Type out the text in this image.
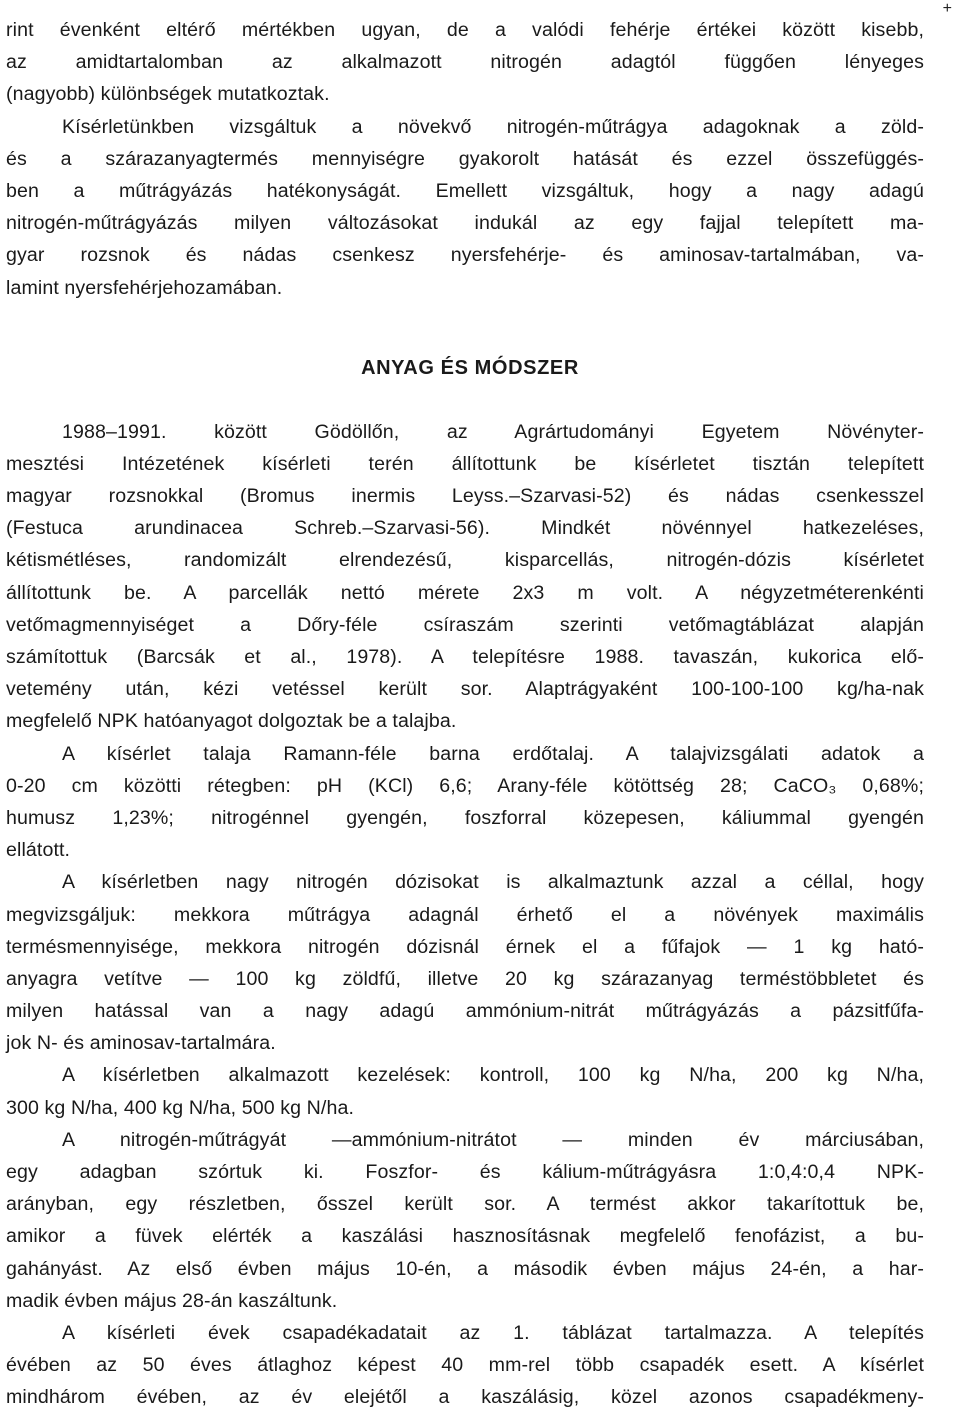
+
rint évenként eltérő mértékben ugyan, de a valódi fehérje értékei között kisebb,
az amidtartalomban az alkalmazott nitrogén adagtól függően lényeges
(nagyobb) különbségek mutatkoztak.
Kísérletünkben vizsgáltuk a növekvő nitrogén-műtrágya adagoknak a zöld-
és a szárazanyagtermés mennyiségre gyakorolt hatását és ezzel összefüggés-
ben a műtrágyázás hatékonyságát. Emellett vizsgáltuk, hogy a nagy adagú
nitrogén-műtrágyázás milyen változásokat indukál az egy fajjal telepített ma-
gyar rozsnok és nádas csenkesz nyersfehérje- és aminosav-tartalmában, va-
lamint nyersfehérjehozamában.
ANYAG ÉS MÓDSZER
1988–1991. között Gödöllőn, az Agrártudományi Egyetem Növényter-
mesztési Intézetének kísérleti terén állítottunk be kísérletet tisztán telepített
magyar rozsnokkal (Bromus inermis Leyss.–Szarvasi-52) és nádas csenkesszel
(Festuca arundinacea Schreb.–Szarvasi-56). Mindkét növénnyel hatkezeléses,
kétismétléses, randomizált elrendezésű, kisparcellás, nitrogén-dózis kísérletet
állítottunk be. A parcellák nettó mérete 2x3 m volt. A négyzetméterenkénti
vetőmagmennyiséget a Dőry-féle csíraszám szerinti vetőmagtáblázat alapján
számítottuk (Barcsák et al., 1978). A telepítésre 1988. tavaszán, kukorica elő-
vetemény után, kézi vetéssel került sor. Alaptrágyaként 100-100-100 kg/ha-nak
megfelelő NPK hatóanyagot dolgoztak be a talajba.
A kísérlet talaja Ramann-féle barna erdőtalaj. A talajvizsgálati adatok a
0-20 cm közötti rétegben: pH (KCl) 6,6; Arany-féle kötöttség 28; CaCO₃ 0,68%;
humusz 1,23%; nitrogénnel gyengén, foszforral közepesen, káliummal gyengén
ellátott.
A kísérletben nagy nitrogén dózisokat is alkalmaztunk azzal a céllal, hogy
megvizsgáljuk: mekkora műtrágya adagnál érhető el a növények maximális
termésmennyisége, mekkora nitrogén dózisnál érnek el a fűfajok — 1 kg ható-
anyagra vetítve — 100 kg zöldfű, illetve 20 kg szárazanyag terméstöbbletet és
milyen hatással van a nagy adagú ammónium-nitrát műtrágyázás a pázsitfűfa-
jok N- és aminosav-tartalmára.
A kísérletben alkalmazott kezelések: kontroll, 100 kg N/ha, 200 kg N/ha,
300 kg N/ha, 400 kg N/ha, 500 kg N/ha.
A nitrogén-műtrágyát —ammónium-nitrátot — minden év márciusában,
egy adagban szórtuk ki. Foszfor- és kálium-műtrágyásra 1:0,4:0,4 NPK-
arányban, egy részletben, ősszel került sor. A termést akkor takarítottuk be,
amikor a füvek elérték a kaszálási hasznosításnak megfelelő fenofázist, a bu-
gahányást. Az első évben május 10-én, a második évben május 24-én, a har-
madik évben május 28-án kaszáltunk.
A kísérleti évek csapadékadatait az 1. táblázat tartalmazza. A telepítés
évében az 50 éves átlaghoz képest 40 mm-rel több csapadék esett. A kísérlet
mindhárom évében, az év elejétől a kaszálásig, közel azonos csapadékmeny-
